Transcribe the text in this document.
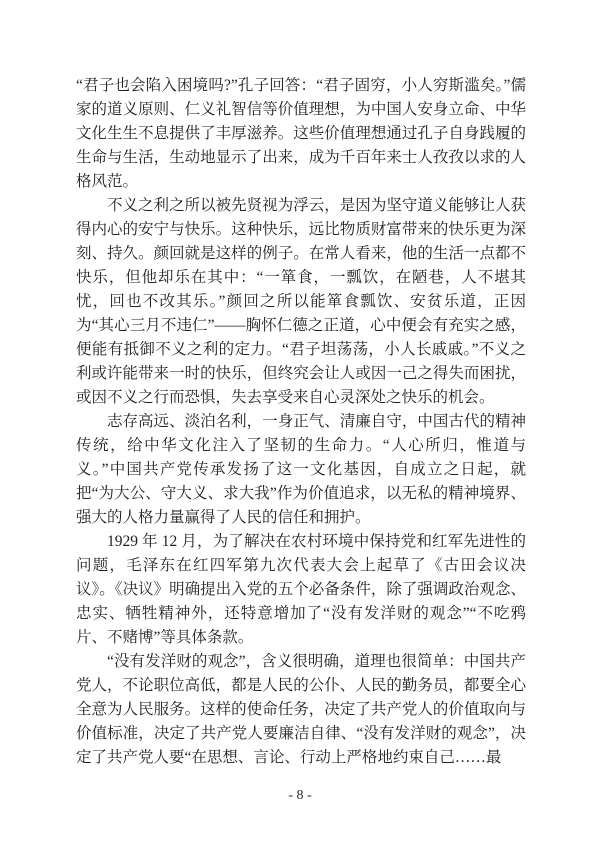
“君子也会陷入困境吗?”孔子回答：“君子固穷，小人穷斯滥矣。”儒家的道义原则、仁义礼智信等价值理想，为中国人安身立命、中华文化生生不息提供了丰厚滋养。这些价值理想通过孔子自身践履的生命与生活，生动地显示了出来，成为千百年来士人孜孜以求的人格风范。

不义之利之所以被先贤视为浮云，是因为坚守道义能够让人获得内心的安宁与快乐。这种快乐，远比物质财富带来的快乐更为深刻、持久。颜回就是这样的例子。在常人看来，他的生活一点都不快乐，但他却乐在其中：“一箪食，一瓢饮，在陋巷，人不堪其忧，回也不改其乐。”颜回之所以能箪食瓢饮、安贫乐道，正因为“其心三月不违仁”——胸怀仁德之正道，心中便会有充实之感，便能有抵御不义之利的定力。“君子坦荡荡，小人长戚戚。”不义之利或许能带来一时的快乐，但终究会让人或因一己之得失而困扰，或因不义之行而恐惧，失去享受来自心灵深处之快乐的机会。

志存高远、淡泊名利，一身正气、清廉自守，中国古代的精神传统，给中华文化注入了坚韧的生命力。“人心所归，惟道与义。”中国共产党传承发扬了这一文化基因，自成立之日起，就把“为大公、守大义、求大我”作为价值追求，以无私的精神境界、强大的人格力量赢得了人民的信任和拥护。

1929 年 12 月，为了解决在农村环境中保持党和红军先进性的问题，毛泽东在红四军第九次代表大会上起草了《古田会议决议》。《决议》明确提出入党的五个必备条件，除了强调政治观念、忠实、牺牲精神外，还特意增加了“没有发洋财的观念”“不吃鸦片、不赌博”等具体条款。

“没有发洋财的观念”，含义很明确，道理也很简单：中国共产党人，不论职位高低，都是人民的公仆、人民的勤务员，都要全心全意为人民服务。这样的使命任务，决定了共产党人的价值取向与价值标准，决定了共产党人要廉洁自律、“没有发洋财的观念”，决定了共产党人要“在思想、言论、行动上严格地约束自己……最

- 8 -
